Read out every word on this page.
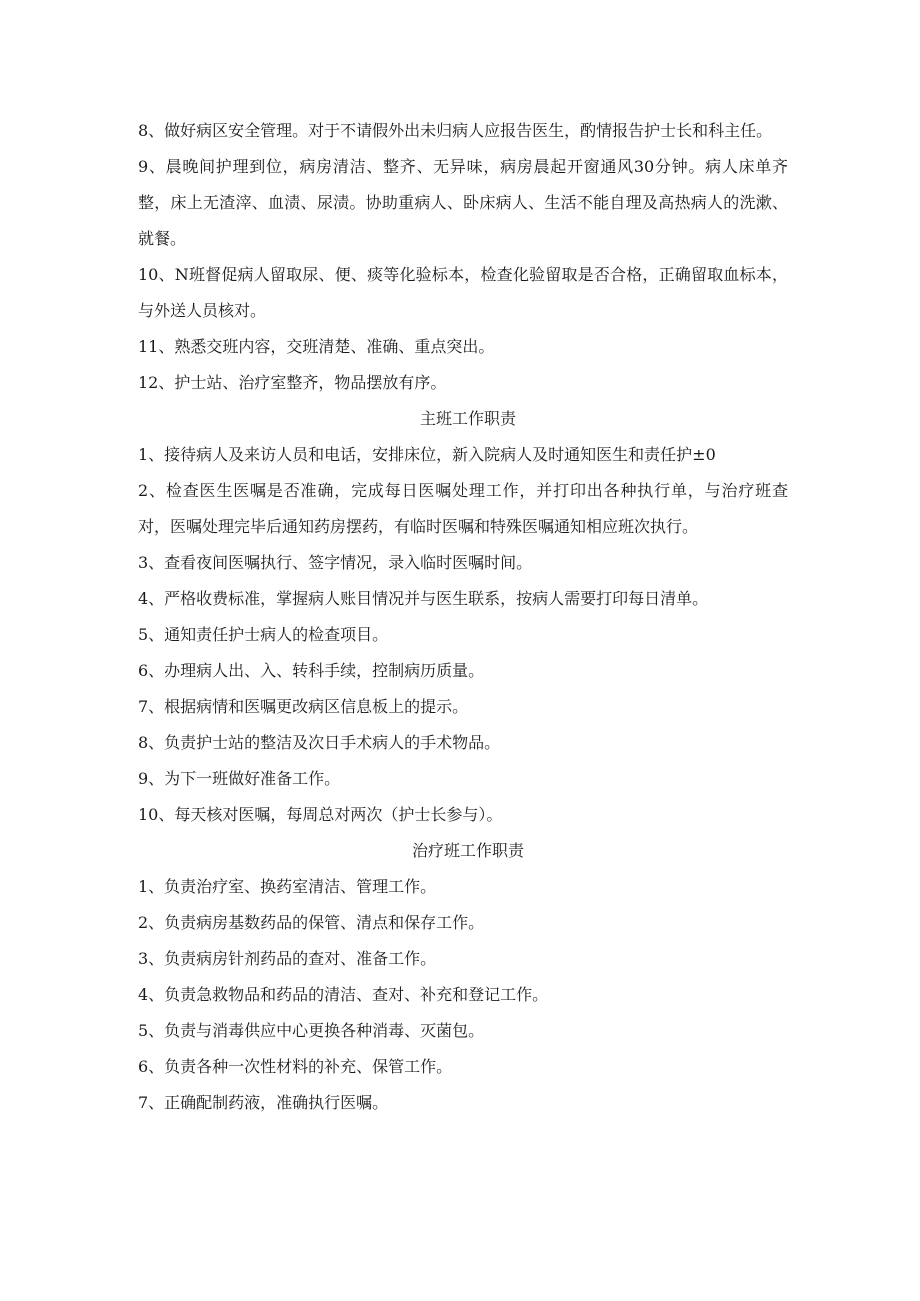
8、做好病区安全管理。对于不请假外出未归病人应报告医生，酌情报告护士长和科主任。

9、晨晚间护理到位，病房清洁、整齐、无异味，病房晨起开窗通风30分钟。病人床单齐整，床上无渣滓、血渍、尿渍。协助重病人、卧床病人、生活不能自理及高热病人的洗漱、就餐。

10、N班督促病人留取尿、便、痰等化验标本，检查化验留取是否合格，正确留取血标本，与外送人员核对。

11、熟悉交班内容，交班清楚、准确、重点突出。

12、护士站、治疗室整齐，物品摆放有序。

主班工作职责

1、接待病人及来访人员和电话，安排床位，新入院病人及时通知医生和责任护±0

2、检查医生医嘱是否准确，完成每日医嘱处理工作，并打印出各种执行单，与治疗班查对，医嘱处理完毕后通知药房摆药，有临时医嘱和特殊医嘱通知相应班次执行。

3、查看夜间医嘱执行、签字情况，录入临时医嘱时间。

4、严格收费标准，掌握病人账目情况并与医生联系，按病人需要打印每日清单。

5、通知责任护士病人的检查项目。

6、办理病人出、入、转科手续，控制病历质量。

7、根据病情和医嘱更改病区信息板上的提示。

8、负责护士站的整洁及次日手术病人的手术物品。

9、为下一班做好准备工作。

10、每天核对医嘱，每周总对两次（护士长参与）。

治疗班工作职责

1、负责治疗室、换药室清洁、管理工作。

2、负责病房基数药品的保管、清点和保存工作。

3、负责病房针剂药品的查对、准备工作。

4、负责急救物品和药品的清洁、查对、补充和登记工作。

5、负责与消毒供应中心更换各种消毒、灭菌包。

6、负责各种一次性材料的补充、保管工作。

7、正确配制药液，准确执行医嘱。
